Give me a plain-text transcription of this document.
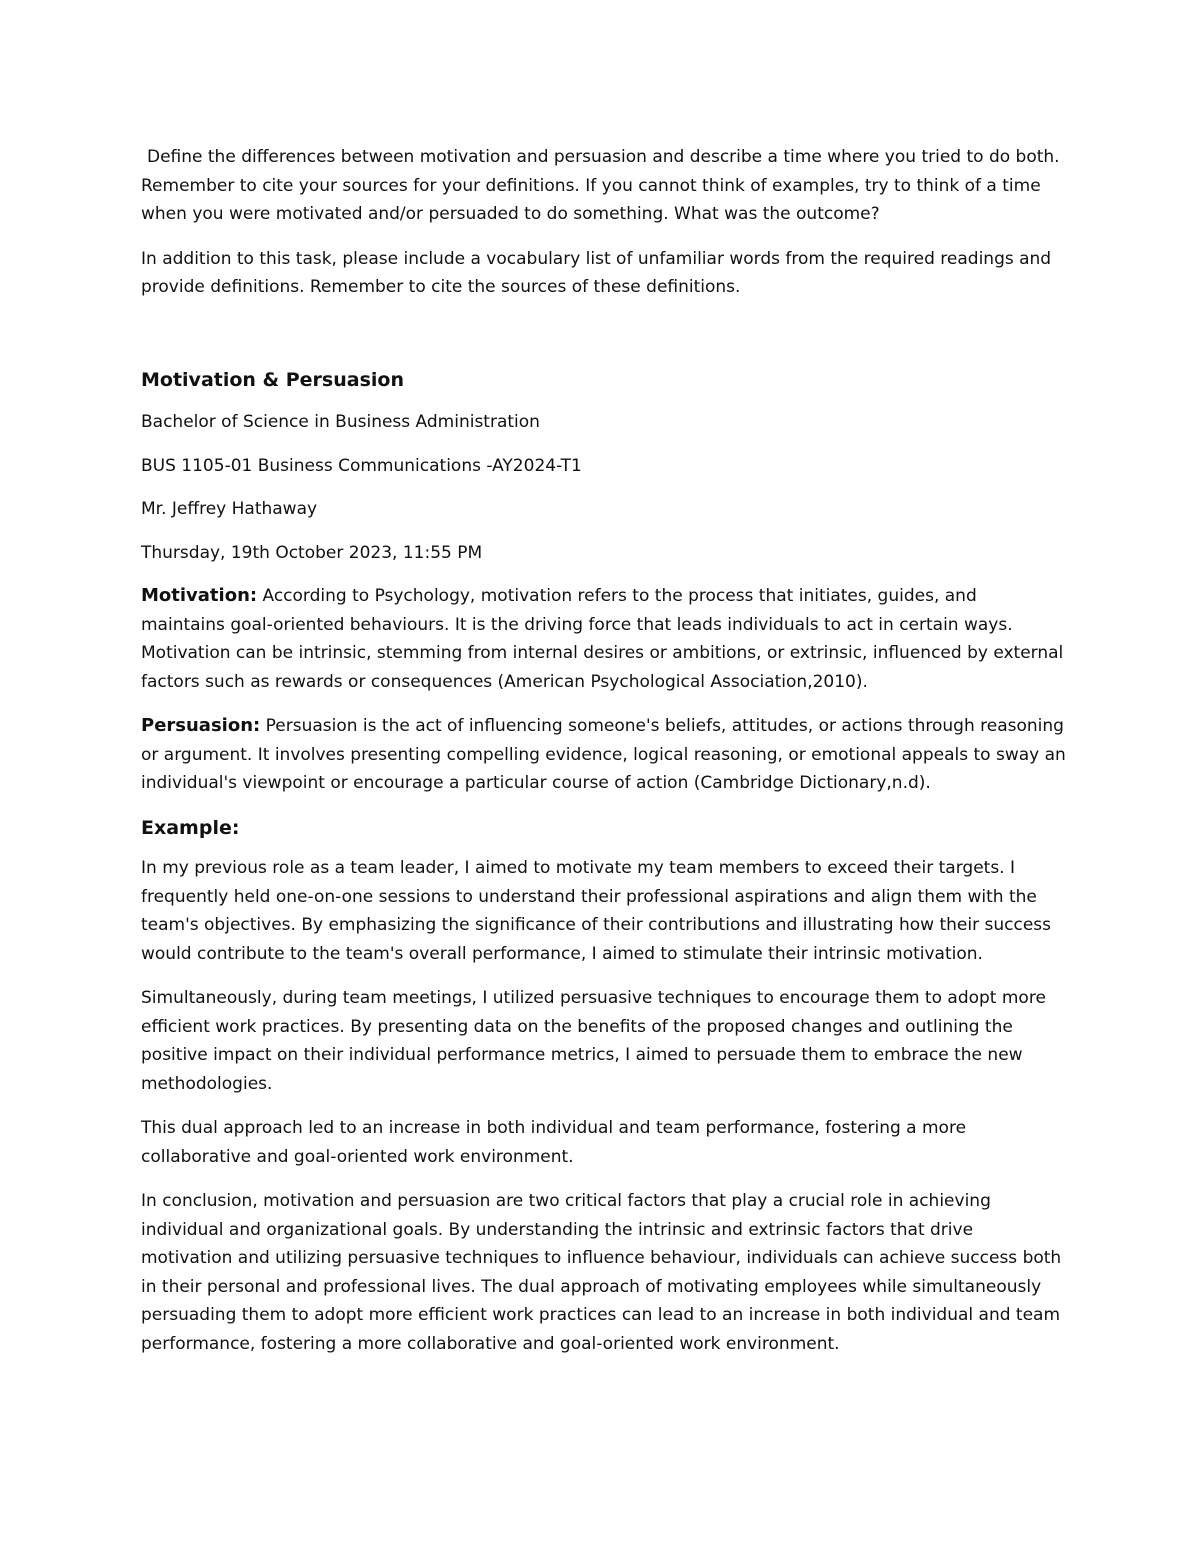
Define the differences between motivation and persuasion and describe a time where you tried to do both. Remember to cite your sources for your definitions. If you cannot think of examples, try to think of a time when you were motivated and/or persuaded to do something. What was the outcome?

In addition to this task, please include a vocabulary list of unfamiliar words from the required readings and provide definitions. Remember to cite the sources of these definitions.

Motivation & Persuasion

Bachelor of Science in Business Administration

BUS 1105-01 Business Communications -AY2024-T1

Mr. Jeffrey Hathaway

Thursday, 19th October 2023, 11:55 PM

Motivation: According to Psychology, motivation refers to the process that initiates, guides, and maintains goal-oriented behaviours. It is the driving force that leads individuals to act in certain ways. Motivation can be intrinsic, stemming from internal desires or ambitions, or extrinsic, influenced by external factors such as rewards or consequences (American Psychological Association,2010).

Persuasion: Persuasion is the act of influencing someone's beliefs, attitudes, or actions through reasoning or argument. It involves presenting compelling evidence, logical reasoning, or emotional appeals to sway an individual's viewpoint or encourage a particular course of action (Cambridge Dictionary,n.d).

Example:

In my previous role as a team leader, I aimed to motivate my team members to exceed their targets. I frequently held one-on-one sessions to understand their professional aspirations and align them with the team's objectives. By emphasizing the significance of their contributions and illustrating how their success would contribute to the team's overall performance, I aimed to stimulate their intrinsic motivation.

Simultaneously, during team meetings, I utilized persuasive techniques to encourage them to adopt more efficient work practices. By presenting data on the benefits of the proposed changes and outlining the positive impact on their individual performance metrics, I aimed to persuade them to embrace the new methodologies.

This dual approach led to an increase in both individual and team performance, fostering a more collaborative and goal-oriented work environment.

In conclusion, motivation and persuasion are two critical factors that play a crucial role in achieving individual and organizational goals. By understanding the intrinsic and extrinsic factors that drive motivation and utilizing persuasive techniques to influence behaviour, individuals can achieve success both in their personal and professional lives. The dual approach of motivating employees while simultaneously persuading them to adopt more efficient work practices can lead to an increase in both individual and team performance, fostering a more collaborative and goal-oriented work environment.
